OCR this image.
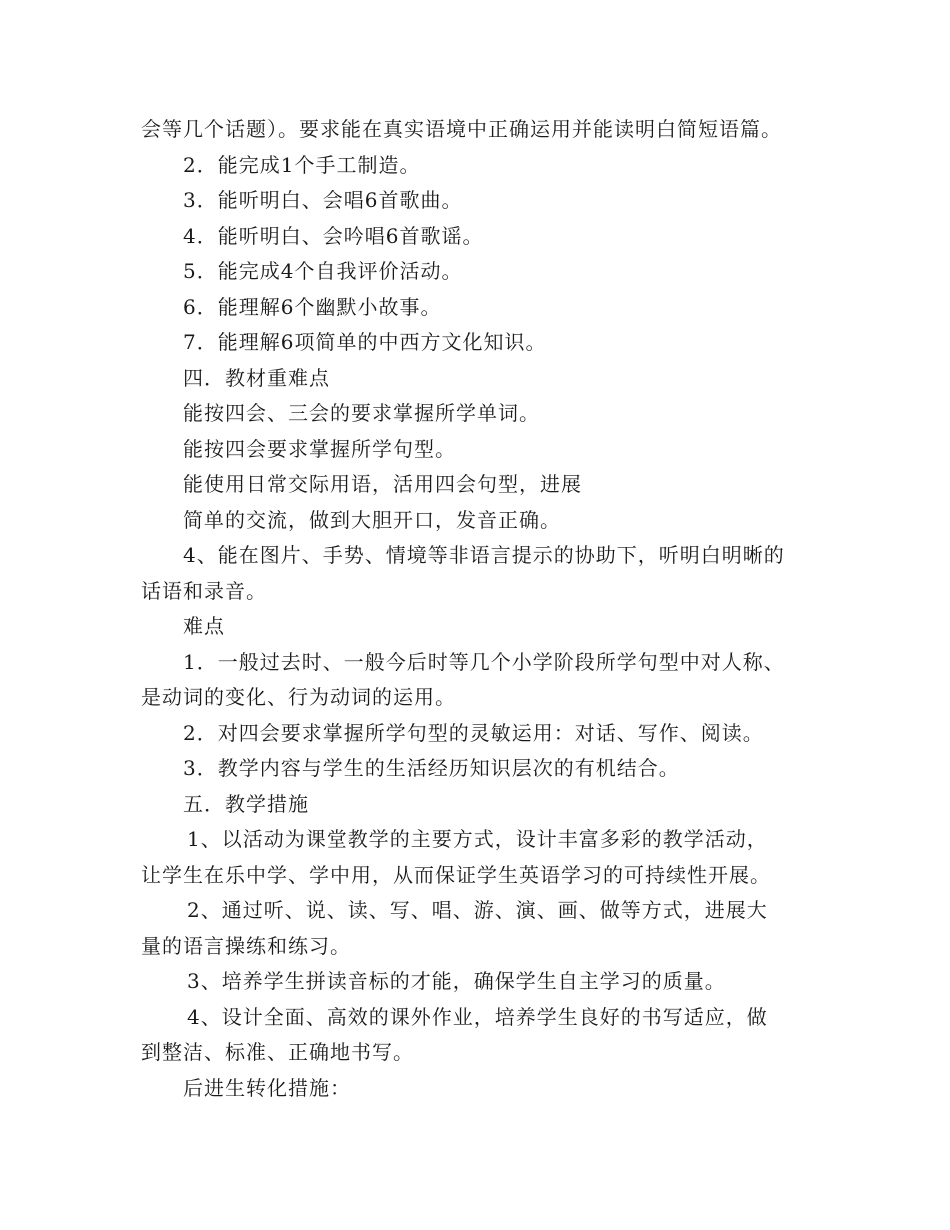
会等几个话题）。要求能在真实语境中正确运用并能读明白简短语篇。
2．能完成1个手工制造。
3．能听明白、会唱6首歌曲。
4．能听明白、会吟唱6首歌谣。
5．能完成4个自我评价活动。
6．能理解6个幽默小故事。
7．能理解6项简单的中西方文化知识。
四．教材重难点
能按四会、三会的要求掌握所学单词。
能按四会要求掌握所学句型。
能使用日常交际用语，活用四会句型，进展
简单的交流，做到大胆开口，发音正确。
4、能在图片、手势、情境等非语言提示的协助下，听明白明晰的
话语和录音。
难点
1．一般过去时、一般今后时等几个小学阶段所学句型中对人称、
是动词的变化、行为动词的运用。
2．对四会要求掌握所学句型的灵敏运用：对话、写作、阅读。
3．教学内容与学生的生活经历知识层次的有机结合。
五．教学措施
1、以活动为课堂教学的主要方式，设计丰富多彩的教学活动，
让学生在乐中学、学中用，从而保证学生英语学习的可持续性开展。
2、通过听、说、读、写、唱、游、演、画、做等方式，进展大
量的语言操练和练习。
3、培养学生拼读音标的才能，确保学生自主学习的质量。
4、设计全面、高效的课外作业，培养学生良好的书写适应，做
到整洁、标准、正确地书写。
后进生转化措施：
